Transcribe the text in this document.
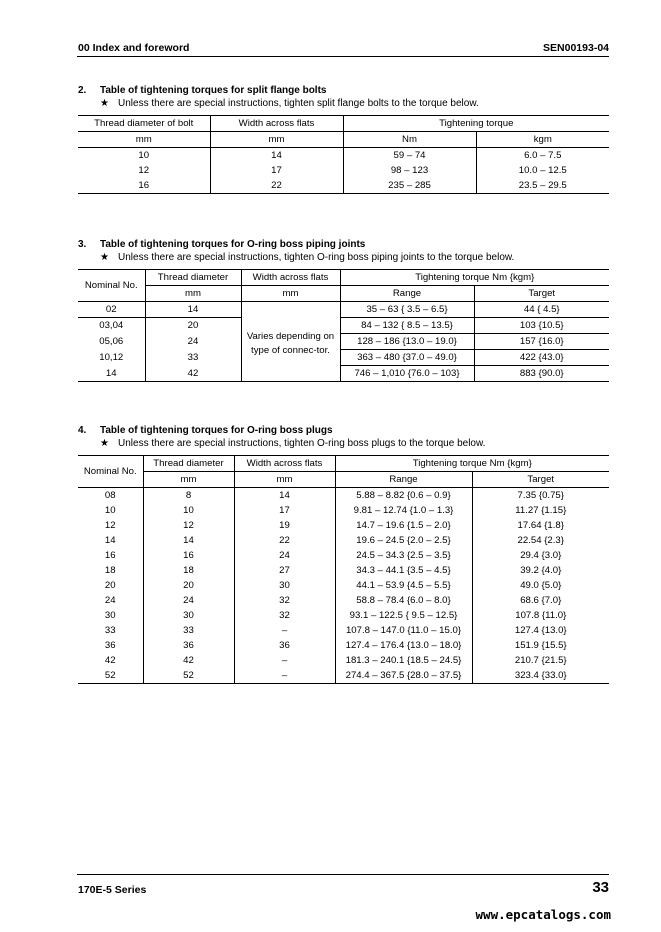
00 Index and foreword	SEN00193-04
2. Table of tightening torques for split flange bolts
★ Unless there are special instructions, tighten split flange bolts to the torque below.
Thread diameter of bolt	Width across flats	Tightening torque	
mm	mm	Nm	kgm
10	14	59 – 74	6.0 – 7.5
12	17	98 – 123	10.0 – 12.5
16	22	235 – 285	23.5 – 29.5
3. Table of tightening torques for O-ring boss piping joints
★ Unless there are special instructions, tighten O-ring boss piping joints to the torque below.
Nominal No.	Thread diameter	Width across flats	Tightening torque Nm {kgm}	
	mm	mm	Range	Target
02	14	Varies depending on type of connec-tor.	35 – 63 { 3.5 – 6.5}	44 { 4.5}
03,04	20		84 – 132 { 8.5 – 13.5}	103 {10.5}
05,06	24		128 – 186 {13.0 – 19.0}	157 {16.0}
10,12	33		363 – 480 {37.0 – 49.0}	422 {43.0}
14	42		746 – 1,010 {76.0 – 103}	883 {90.0}
4. Table of tightening torques for O-ring boss plugs
★ Unless there are special instructions, tighten O-ring boss plugs to the torque below.
Nominal No.	Thread diameter	Width across flats	Tightening torque Nm {kgm}	
	mm	mm	Range	Target
08	8	14	5.88 – 8.82 {0.6 – 0.9}	7.35 {0.75}
10	10	17	9.81 – 12.74 {1.0 – 1.3}	11.27 {1.15}
12	12	19	14.7 – 19.6 {1.5 – 2.0}	17.64 {1.8}
14	14	22	19.6 – 24.5 {2.0 – 2.5}	22.54 {2.3}
16	16	24	24.5 – 34.3 {2.5 – 3.5}	29.4 {3.0}
18	18	27	34.3 – 44.1 {3.5 – 4.5}	39.2 {4.0}
20	20	30	44.1 – 53.9 {4.5 – 5.5}	49.0 {5.0}
24	24	32	58.8 – 78.4 {6.0 – 8.0}	68.6 {7.0}
30	30	32	93.1 – 122.5 { 9.5 – 12.5}	107.8 {11.0}
33	33	–	107.8 – 147.0 {11.0 – 15.0}	127.4 {13.0}
36	36	36	127.4 – 176.4 {13.0 – 18.0}	151.9 {15.5}
42	42	–	181.3 – 240.1 {18.5 – 24.5}	210.7 {21.5}
52	52	–	274.4 – 367.5 {28.0 – 37.5}	323.4 {33.0}
170E-5 Series	33
www.epcatalogs.com
